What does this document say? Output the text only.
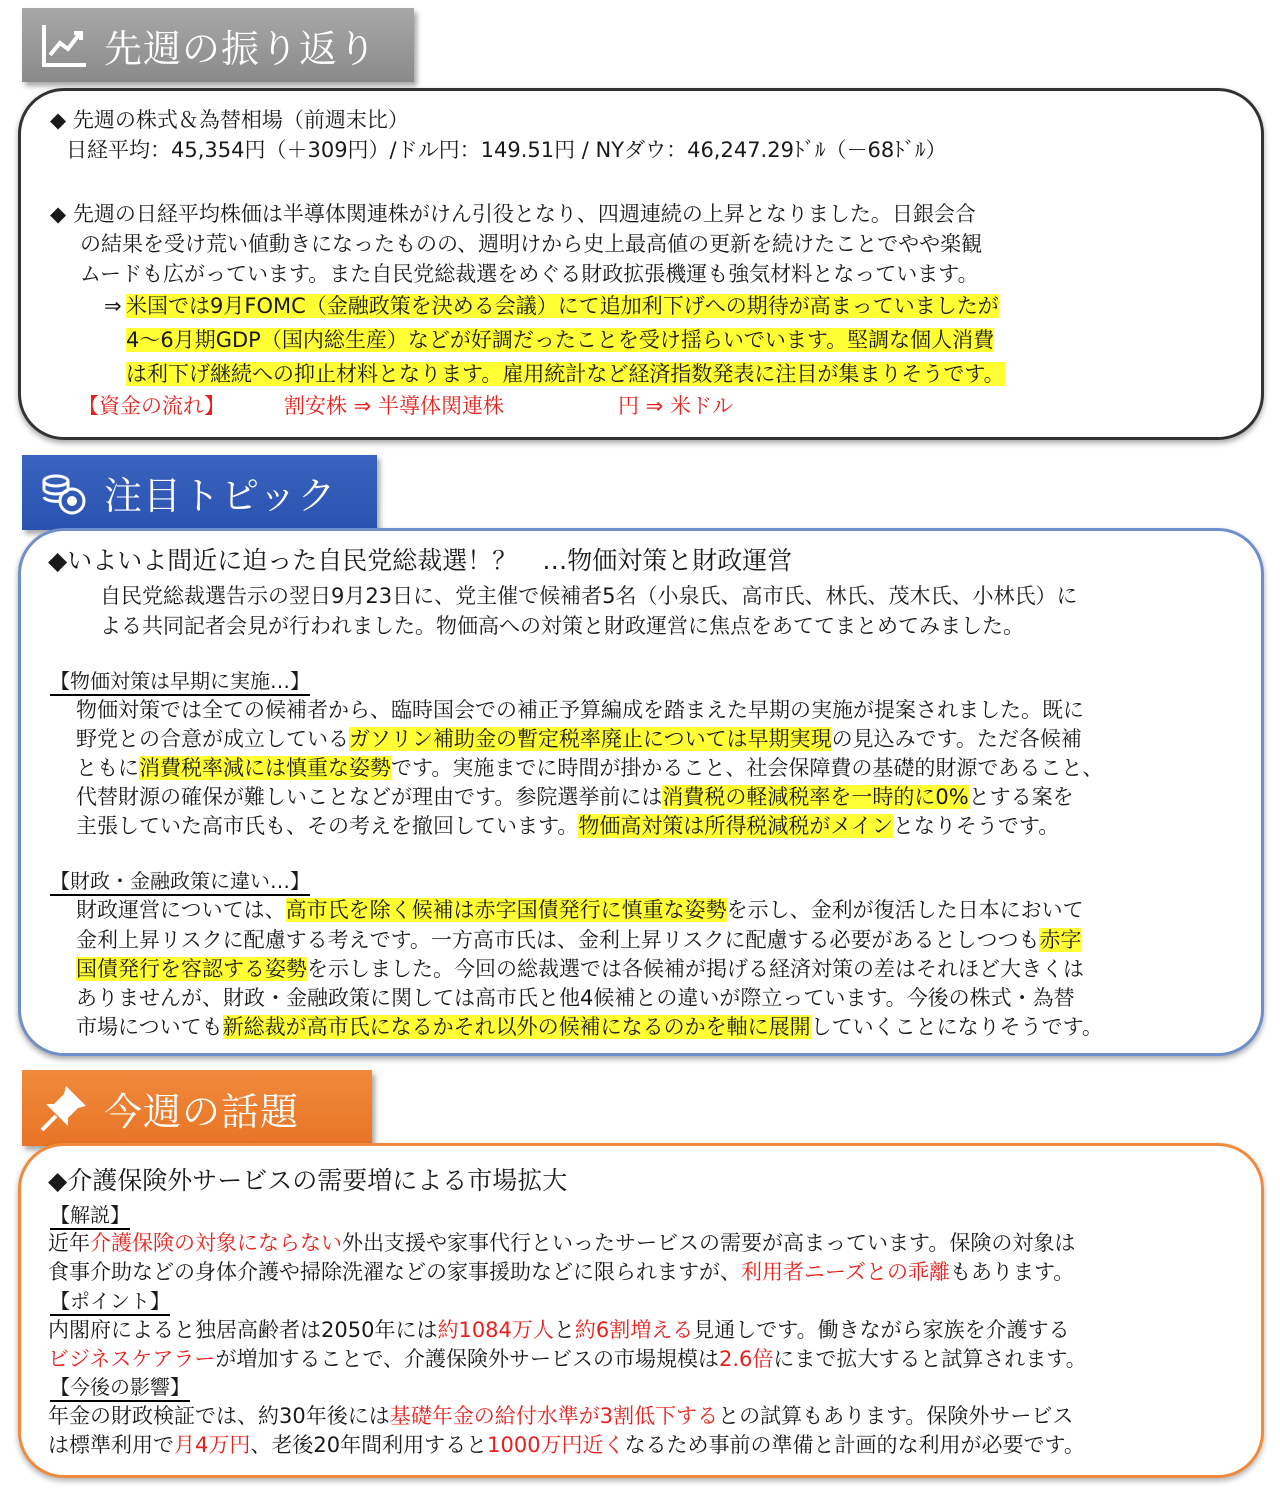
先週の振り返り
◆ 先週の株式＆為替相場（前週末比）
日経平均：45,354円（＋309円）/ドル円：149.51円 / NYダウ：46,247.29ﾄﾞﾙ（－68ﾄﾞﾙ）
◆ 先週の日経平均株価は半導体関連株がけん引役となり、四週連続の上昇となりました。日銀会合
の結果を受け荒い値動きになったものの、週明けから史上最高値の更新を続けたことでやや楽観
ムードも広がっています。また自民党総裁選をめぐる財政拡張機運も強気材料となっています。
⇒ 米国では9月FOMC（金融政策を決める会議）にて追加利下げへの期待が高まっていましたが
4～6月期GDP（国内総生産）などが好調だったことを受け揺らいでいます。堅調な個人消費
は利下げ継続への抑止材料となります。雇用統計など経済指数発表に注目が集まりそうです。
【資金の流れ】	割安株 ⇒ 半導体関連株	円 ⇒ 米ドル
注目トピック
◆いよいよ間近に迫った自民党総裁選！？　…物価対策と財政運営
自民党総裁選告示の翌日9月23日に、党主催で候補者5名（小泉氏、高市氏、林氏、茂木氏、小林氏）に
よる共同記者会見が行われました。物価高への対策と財政運営に焦点をあててまとめてみました。
【物価対策は早期に実施…】
物価対策では全ての候補者から、臨時国会での補正予算編成を踏まえた早期の実施が提案されました。既に
野党との合意が成立しているガソリン補助金の暫定税率廃止については早期実現の見込みです。ただ各候補
ともに消費税率減には慎重な姿勢です。実施までに時間が掛かること、社会保障費の基礎的財源であること、
代替財源の確保が難しいことなどが理由です。参院選挙前には消費税の軽減税率を一時的に0%とする案を
主張していた高市氏も、その考えを撤回しています。物価高対策は所得税減税がメインとなりそうです。
【財政・金融政策に違い…】
財政運営については、高市氏を除く候補は赤字国債発行に慎重な姿勢を示し、金利が復活した日本において
金利上昇リスクに配慮する考えです。一方高市氏は、金利上昇リスクに配慮する必要があるとしつつも赤字
国債発行を容認する姿勢を示しました。今回の総裁選では各候補が掲げる経済対策の差はそれほど大きくは
ありませんが、財政・金融政策に関しては高市氏と他4候補との違いが際立っています。今後の株式・為替
市場についても新総裁が高市氏になるかそれ以外の候補になるのかを軸に展開していくことになりそうです。
今週の話題
◆介護保険外サービスの需要増による市場拡大
【解説】
近年介護保険の対象にならない外出支援や家事代行といったサービスの需要が高まっています。保険の対象は
食事介助などの身体介護や掃除洗濯などの家事援助などに限られますが、利用者ニーズとの乖離もあります。
【ポイント】
内閣府によると独居高齢者は2050年には約1084万人と約6割増える見通しです。働きながら家族を介護する
ビジネスケアラーが増加することで、介護保険外サービスの市場規模は2.6倍にまで拡大すると試算されます。
【今後の影響】
年金の財政検証では、約30年後には基礎年金の給付水準が3割低下するとの試算もあります。保険外サービス
は標準利用で月4万円、老後20年間利用すると1000万円近くなるため事前の準備と計画的な利用が必要です。
